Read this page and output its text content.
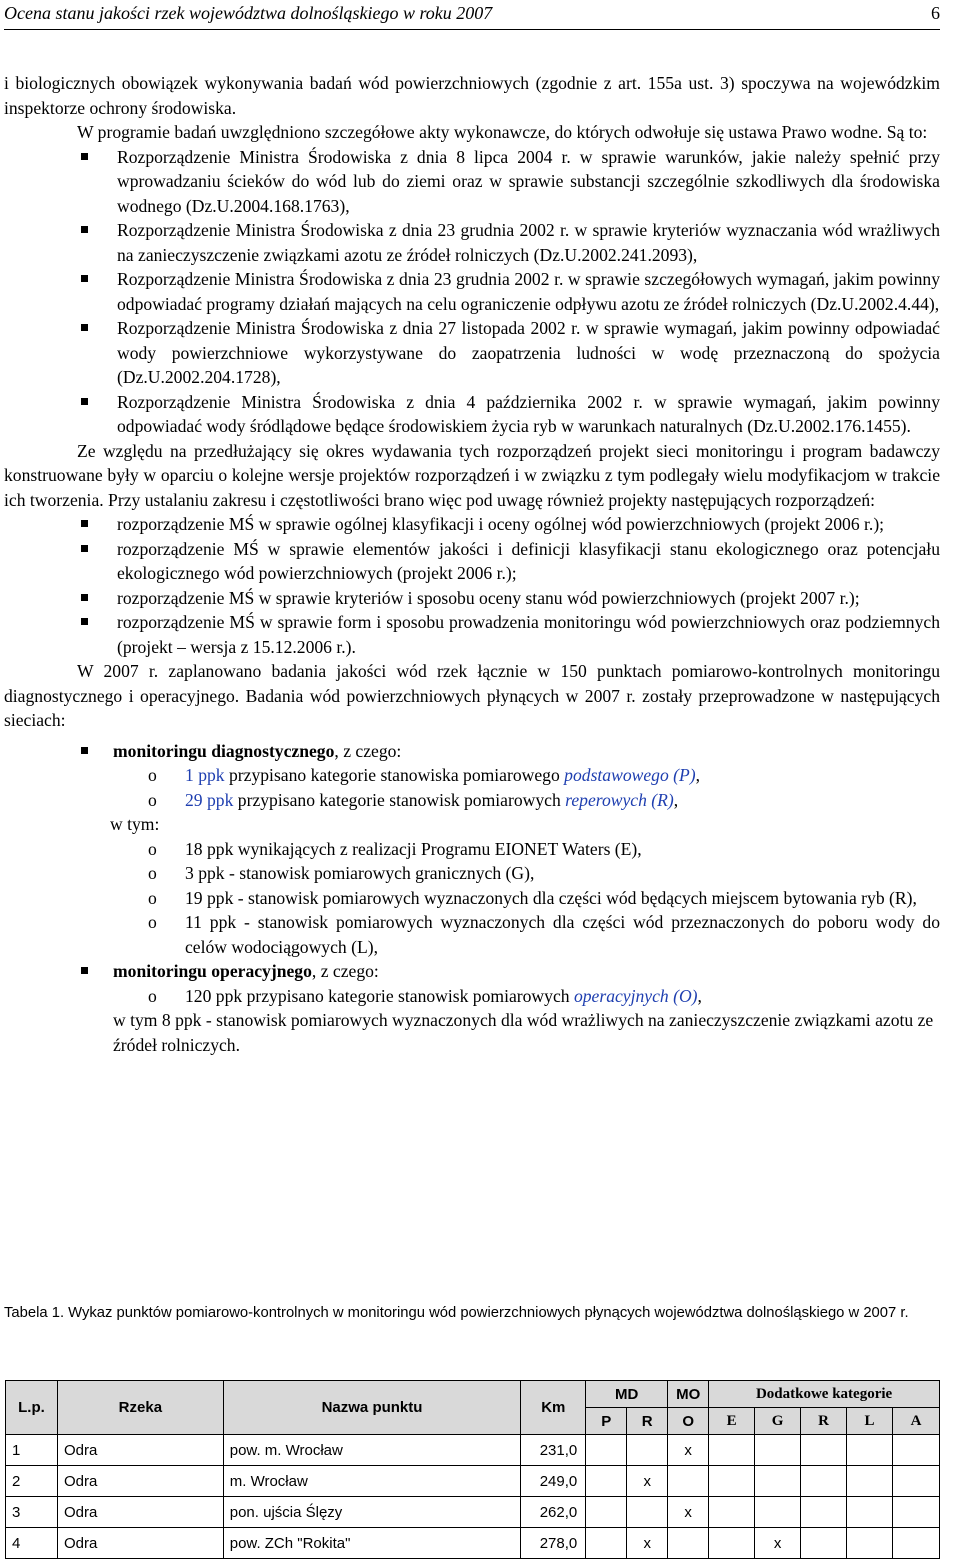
Ocena stanu jakości rzek województwa dolnośląskiego w roku 2007	6

i biologicznych obowiązek wykonywania badań wód powierzchniowych (zgodnie z art. 155a ust. 3) spoczywa na wojewódzkim inspektorze ochrony środowiska.

W programie badań uwzględniono szczegółowe akty wykonawcze, do których odwołuje się ustawa Prawo wodne. Są to:

Rozporządzenie Ministra Środowiska z dnia 8 lipca 2004 r. w sprawie warunków, jakie należy spełnić przy wprowadzaniu ścieków do wód lub do ziemi oraz w sprawie substancji szczególnie szkodliwych dla środowiska wodnego (Dz.U.2004.168.1763),
Rozporządzenie Ministra Środowiska z dnia 23 grudnia 2002 r. w sprawie kryteriów wyznaczania wód wrażliwych na zanieczyszczenie związkami azotu ze źródeł rolniczych (Dz.U.2002.241.2093),
Rozporządzenie Ministra Środowiska z dnia 23 grudnia 2002 r. w sprawie szczegółowych wymagań, jakim powinny odpowiadać programy działań mających na celu ograniczenie odpływu azotu ze źródeł rolniczych (Dz.U.2002.4.44),
Rozporządzenie Ministra Środowiska z dnia 27 listopada 2002 r. w sprawie wymagań, jakim powinny odpowiadać wody powierzchniowe wykorzystywane do zaopatrzenia ludności w wodę przeznaczoną do spożycia (Dz.U.2002.204.1728),
Rozporządzenie Ministra Środowiska z dnia 4 października 2002 r. w sprawie wymagań, jakim powinny odpowiadać wody śródlądowe będące środowiskiem życia ryb w warunkach naturalnych (Dz.U.2002.176.1455).

Ze względu na przedłużający się okres wydawania tych rozporządzeń projekt sieci monitoringu i program badawczy konstruowane były w oparciu o kolejne wersje projektów rozporządzeń i w związku z tym podlegały wielu modyfikacjom w trakcie ich tworzenia. Przy ustalaniu zakresu i częstotliwości brano więc pod uwagę również projekty następujących rozporządzeń:

rozporządzenie MŚ w sprawie ogólnej klasyfikacji i oceny ogólnej wód powierzchniowych (projekt 2006 r.);
rozporządzenie MŚ w sprawie elementów jakości i definicji klasyfikacji stanu ekologicznego oraz potencjału ekologicznego wód powierzchniowych (projekt 2006 r.);
rozporządzenie MŚ w sprawie kryteriów i sposobu oceny stanu wód powierzchniowych (projekt 2007 r.);
rozporządzenie MŚ w sprawie form i sposobu prowadzenia monitoringu wód powierzchniowych oraz podziemnych (projekt – wersja z 15.12.2006 r.).

W 2007 r. zaplanowano badania jakości wód rzek łącznie w 150 punktach pomiarowo-kontrolnych monitoringu diagnostycznego i operacyjnego. Badania wód powierzchniowych płynących w 2007 r. zostały przeprowadzone w następujących sieciach:

monitoringu diagnostycznego, z czego:
o 1 ppk przypisano kategorie stanowiska pomiarowego podstawowego (P),
o 29 ppk przypisano kategorie stanowisk pomiarowych reperowych (R),
w tym:
o 18 ppk wynikających z realizacji Programu EIONET Waters (E),
o 3 ppk - stanowisk pomiarowych granicznych (G),
o 19 ppk - stanowisk pomiarowych wyznaczonych dla części wód będących miejscem bytowania ryb (R),
o 11 ppk - stanowisk pomiarowych wyznaczonych dla części wód przeznaczonych do poboru wody do celów wodociągowych (L),
monitoringu operacyjnego, z czego:
o 120 ppk przypisano kategorie stanowisk pomiarowych operacyjnych (O),
w tym 8 ppk - stanowisk pomiarowych wyznaczonych dla wód wrażliwych na zanieczyszczenie związkami azotu ze źródeł rolniczych.
Tabela 1. Wykaz punktów pomiarowo-kontrolnych w monitoringu wód powierzchniowych płynących województwa dolnośląskiego w 2007 r.
L.p.	Rzeka	Nazwa punktu	Km	MD		MO	Dodatkowe kategorie				
				P	R	O	E	G	R	L	A
1	Odra	pow. m. Wrocław	231,0			x					
2	Odra	m. Wrocław	249,0		x						
3	Odra	pon. ujścia Ślęzy	262,0			x					
4	Odra	pow. ZCh "Rokita"	278,0		x			x			
